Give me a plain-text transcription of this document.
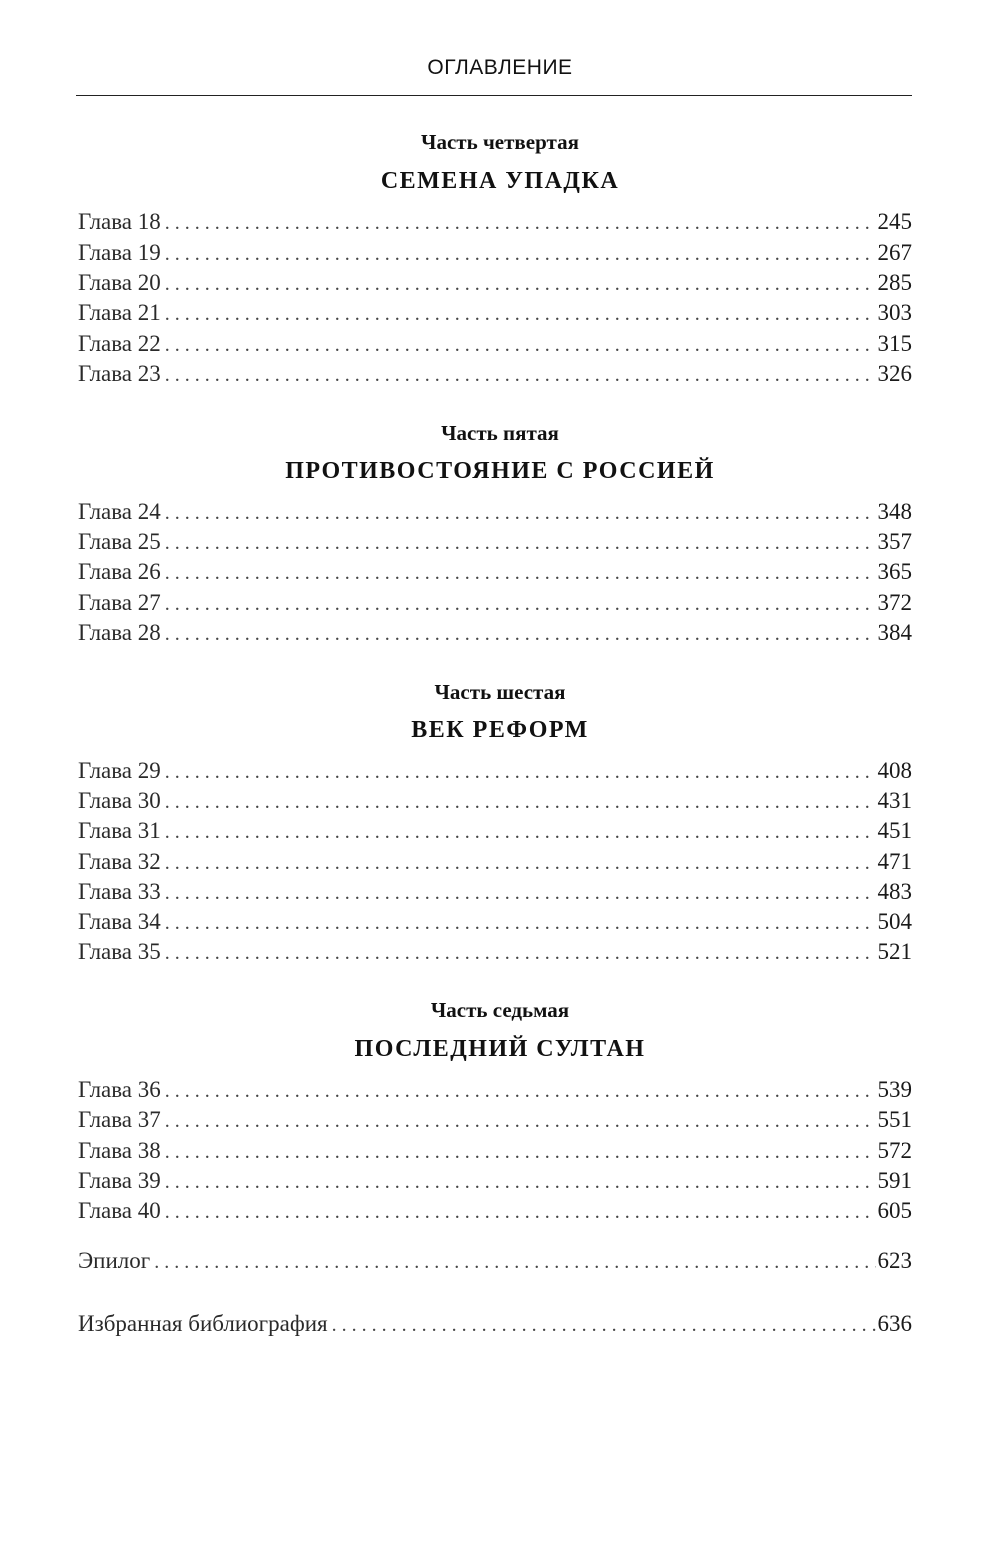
ОГЛАВЛЕНИЕ
Часть четвертая
СЕМЕНА УПАДКА
Глава 18 . . .	245
Глава 19 . . .	267
Глава 20 . . .	285
Глава 21 . . .	303
Глава 22 . . .	315
Глава 23 . . .	326
Часть пятая
ПРОТИВОСТОЯНИЕ С РОССИЕЙ
Глава 24 . . .	348
Глава 25 . . .	357
Глава 26 . . .	365
Глава 27 . . .	372
Глава 28 . . .	384
Часть шестая
ВЕК РЕФОРМ
Глава 29 . . .	408
Глава 30 . . .	431
Глава 31 . . .	451
Глава 32 . . .	471
Глава 33 . . .	483
Глава 34 . . .	504
Глава 35 . . .	521
Часть седьмая
ПОСЛЕДНИЙ СУЛТАН
Глава 36 . . .	539
Глава 37 . . .	551
Глава 38 . . .	572
Глава 39 . . .	591
Глава 40 . . .	605
Эпилог . . .	623
Избранная библиография . . .	636
